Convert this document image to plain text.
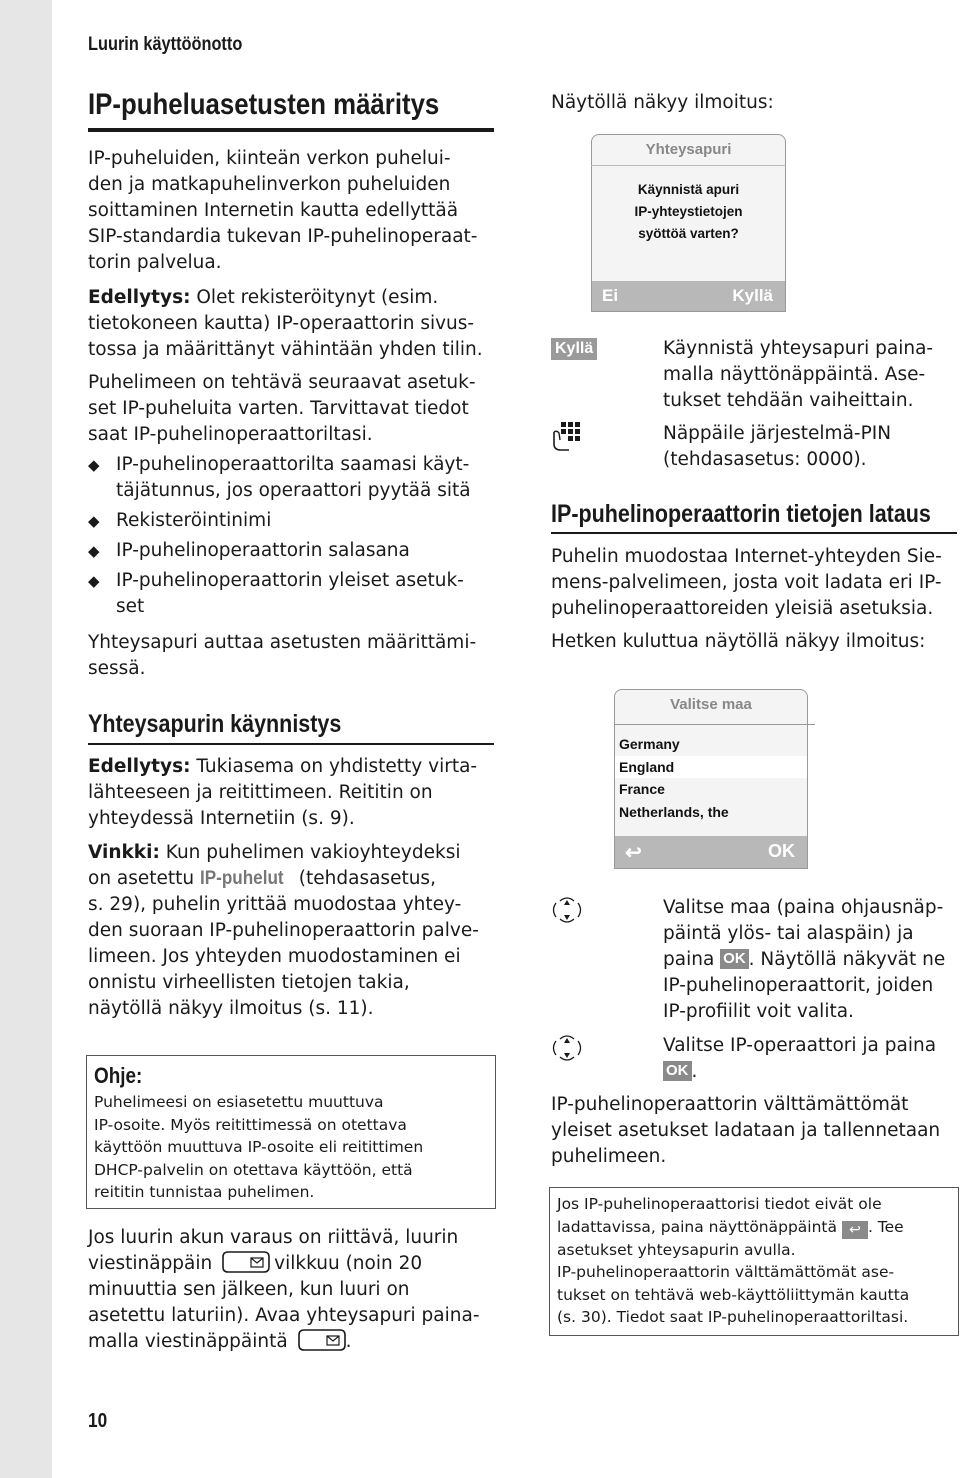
Luurin käyttöönotto
IP-puheluasetusten määritys

IP-puheluiden, kiinteän verkon puhelui-

den ja matkapuhelinverkon puheluiden

soittaminen Internetin kautta edellyttää

SIP-standardia tukevan IP-puhelinoperaat-

torin palvelua.

Edellytys: Olet rekisteröitynyt (esim.

tietokoneen kautta) IP-operaattorin sivus-

tossa ja määrittänyt vähintään yhden tilin.

Puhelimeen on tehtävä seuraavat asetuk-

set IP-puheluita varten. Tarvittavat tiedot

saat IP-puhelinoperaattoriltasi.

◆ IP-puhelinoperaattorilta saamasi käyt-
täjätunnus, jos operaattori pyytää sitä
◆ Rekisteröintinimi
◆ IP-puhelinoperaattorin salasana
◆ IP-puhelinoperaattorin yleiset asetuk-
set

Yhteysapuri auttaa asetusten määrittämi-

sessä.

Yhteysapurin käynnistys

Edellytys: Tukiasema on yhdistetty virta-

lähteeseen ja reitittimeen. Reititin on

yhteydessä Internetiin (s. 9).

Vinkki: Kun puhelimen vakioyhteydeksi

on asetettu IP-puhelut (tehdasasetus,

s. 29), puhelin yrittää muodostaa yhtey-

den suoraan IP-puhelinoperaattorin palve-

limeen. Jos yhteyden muodostaminen ei

onnistu virheellisten tietojen takia,

näytöllä näkyy ilmoitus (s. 11).

Ohje:

Puhelimeesi on esiasetettu muuttuva

IP-osoite. Myös reitittimessä on otettava

käyttöön muuttuva IP-osoite eli reitittimen

DHCP-palvelin on otettava käyttöön, että

reititin tunnistaa puhelimen.

Jos luurin akun varaus on riittävä, luurin

viestinäppäin	vilkkuu (noin 20

minuuttia sen jälkeen, kun luuri on

asetettu laturiin). Avaa yhteysapuri paina-

malla viestinäppäintä	.

10
Näytöllä näkyy ilmoitus:
Yhteysapuri
Käynnistä apuri
IP-yhteystietojen
syöttöä varten?
Ei	Kyllä
Kyllä	Käynnistä yhteysapuri paina-

malla näyttönäppäintä. Ase-

tukset tehdään vaiheittain.

Näppäile järjestelmä-PIN

(tehdasasetus: 0000).

IP-puhelinoperaattorin tietojen lataus

Puhelin muodostaa Internet-yhteyden Sie-

mens-palvelimeen, josta voit ladata eri IP-

puhelinoperaattoreiden yleisiä asetuksia.

Hetken kuluttua näytöllä näkyy ilmoitus:
Valitse maa
Germany
England
France
Netherlands, the
↩	OK

Valitse maa (paina ohjausnäp-

päintä ylös- tai alaspäin) ja

paina OK . Näytöllä näkyvät ne

IP-puhelinoperaattorit, joiden

IP-profiilit voit valita.

Valitse IP-operaattori ja paina

OK .

IP-puhelinoperaattorin välttämättömät

yleiset asetukset ladataan ja tallennetaan

puhelimeen.

Jos IP-puhelinoperaattorisi tiedot eivät ole

ladattavissa, paina näyttönäppäintä ↩ . Tee

asetukset yhteysapurin avulla.

IP-puhelinoperaattorin välttämättömät ase-

tukset on tehtävä web-käyttöliittymän kautta

(s. 30). Tiedot saat IP-puhelinoperaattoriltasi.
